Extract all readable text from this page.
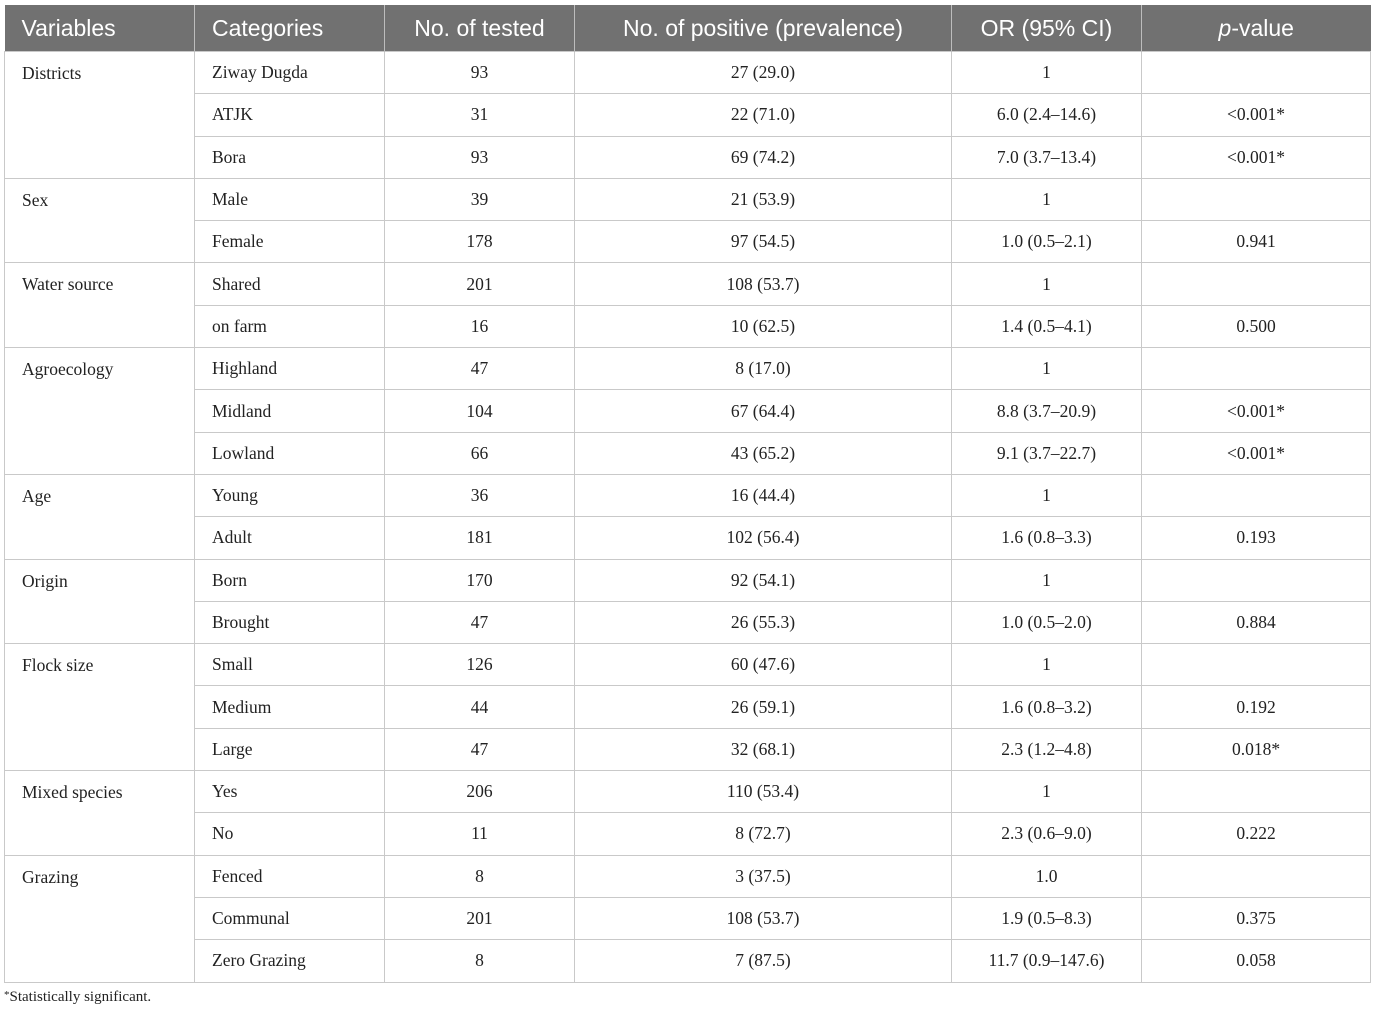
Variables	Categories	No. of tested	No. of positive (prevalence)	OR (95% CI)	p-value
Districts	Ziway Dugda	93	27 (29.0)	1	
	ATJK	31	22 (71.0)	6.0 (2.4–14.6)	<0.001*
	Bora	93	69 (74.2)	7.0 (3.7–13.4)	<0.001*
Sex	Male	39	21 (53.9)	1	
	Female	178	97 (54.5)	1.0 (0.5–2.1)	0.941
Water source	Shared	201	108 (53.7)	1	
	on farm	16	10 (62.5)	1.4 (0.5–4.1)	0.500
Agroecology	Highland	47	8 (17.0)	1	
	Midland	104	67 (64.4)	8.8 (3.7–20.9)	<0.001*
	Lowland	66	43 (65.2)	9.1 (3.7–22.7)	<0.001*
Age	Young	36	16 (44.4)	1	
	Adult	181	102 (56.4)	1.6 (0.8–3.3)	0.193
Origin	Born	170	92 (54.1)	1	
	Brought	47	26 (55.3)	1.0 (0.5–2.0)	0.884
Flock size	Small	126	60 (47.6)	1	
	Medium	44	26 (59.1)	1.6 (0.8–3.2)	0.192
	Large	47	32 (68.1)	2.3 (1.2–4.8)	0.018*
Mixed species	Yes	206	110 (53.4)	1	
	No	11	8 (72.7)	2.3 (0.6–9.0)	0.222
Grazing	Fenced	8	3 (37.5)	1.0	
	Communal	201	108 (53.7)	1.9 (0.5–8.3)	0.375
	Zero Grazing	8	7 (87.5)	11.7 (0.9–147.6)	0.058
*Statistically significant.
